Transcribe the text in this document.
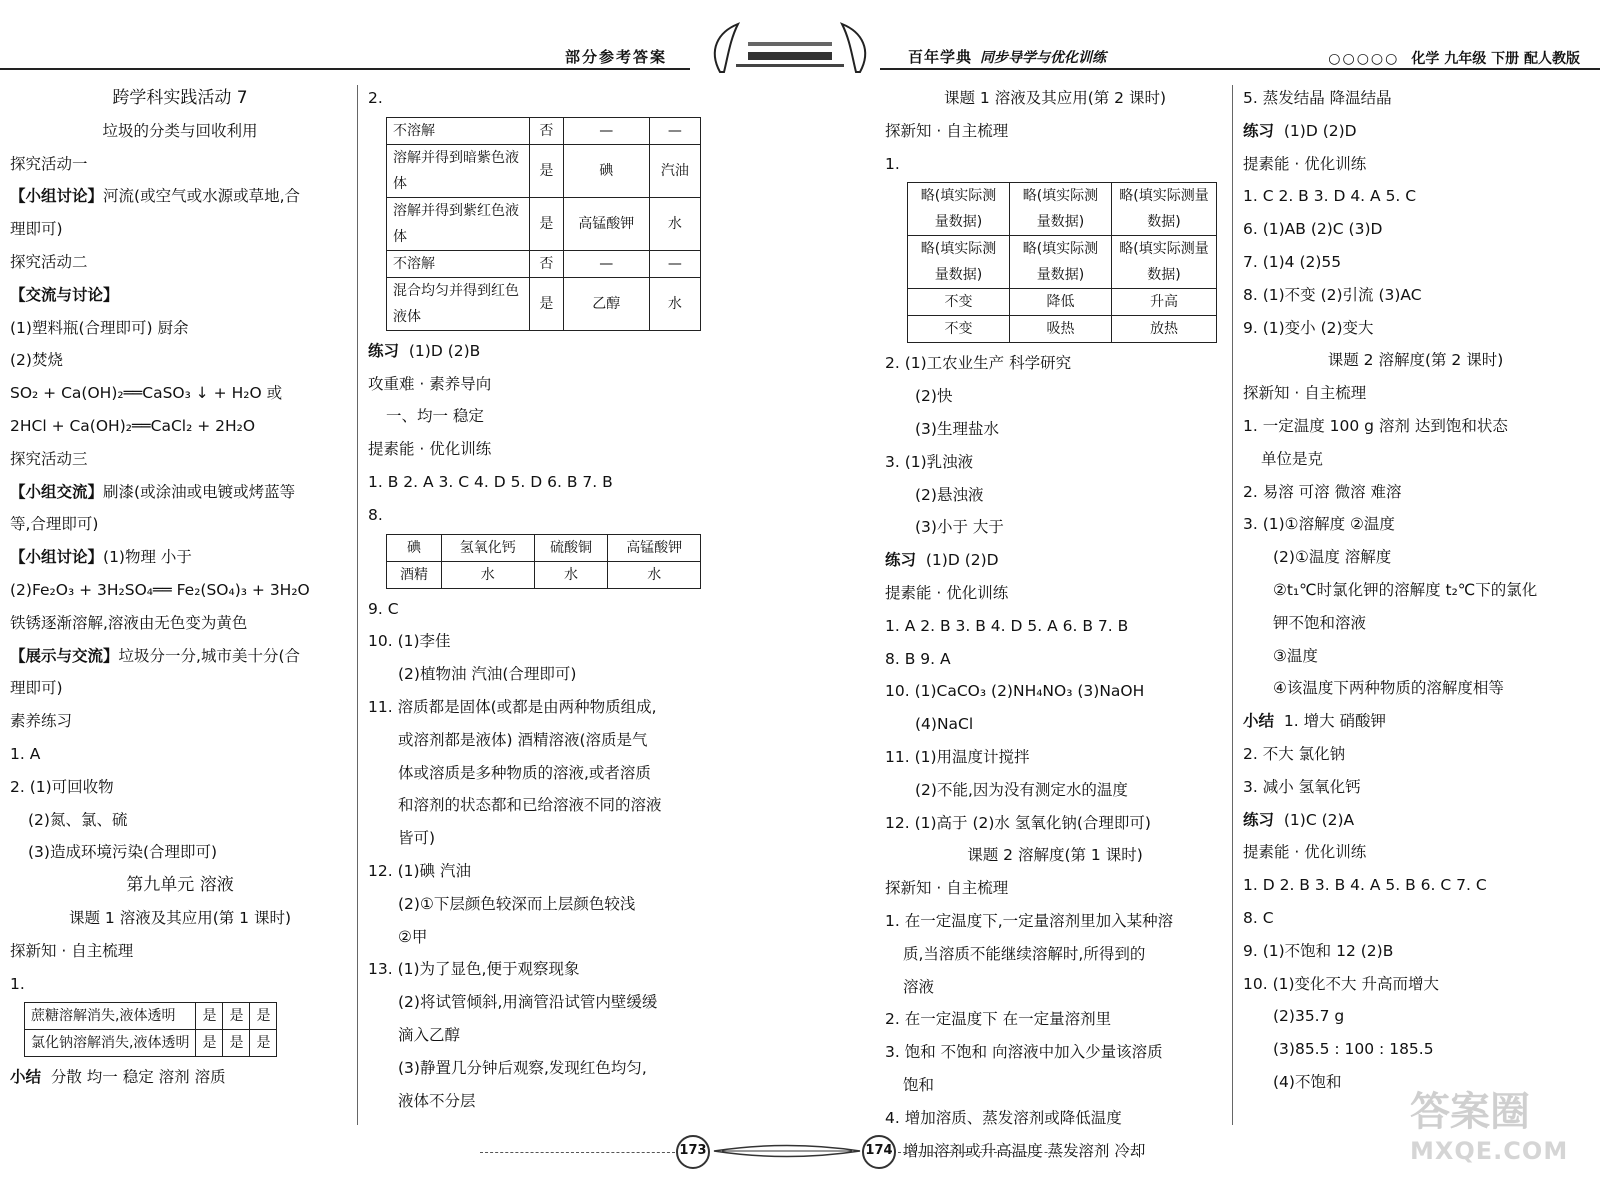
部分参考答案	百年学典 同步导学与优化训练	○○○○○ 化学 九年级 下册 配人教版
跨学科实践活动 7
垃圾的分类与回收利用
探究活动一
【小组讨论】河流(或空气或水源或草地,合
理即可)
探究活动二
【交流与讨论】
(1)塑料瓶(合理即可) 厨余
(2)焚烧
SO₂ + Ca(OH)₂══CaSO₃ ↓ + H₂O 或
2HCl + Ca(OH)₂══CaCl₂ + 2H₂O
探究活动三
【小组交流】刷漆(或涂油或电镀或烤蓝等
等,合理即可)
【小组讨论】(1)物理 小于
(2)Fe₂O₃ + 3H₂SO₄══ Fe₂(SO₄)₃ + 3H₂O
铁锈逐渐溶解,溶液由无色变为黄色
【展示与交流】垃圾分一分,城市美十分(合
理即可)
素养练习
1. A
2. (1)可回收物
(2)氮、氯、硫
(3)造成环境污染(合理即可)
第九单元 溶液
课题 1 溶液及其应用(第 1 课时)
探新知 · 自主梳理
1.
蔗糖溶解消失,液体透明	是	是	是
氯化钠溶解消失,液体透明	是	是	是
小结 分散 均一 稳定 溶剂 溶质
2.
不溶解	否	—	—
溶解并得到暗紫色液体	是	碘	汽油
溶解并得到紫红色液体	是	高锰酸钾	水
不溶解	否	—	—
混合均匀并得到红色液体	是	乙醇	水
练习 (1)D (2)B
攻重难 · 素养导向
一、均一 稳定
提素能 · 优化训练
1. B 2. A 3. C 4. D 5. D 6. B 7. B
8.
碘	氢氧化钙	硫酸铜	高锰酸钾
酒精	水	水	水
9. C
10. (1)李佳
(2)植物油 汽油(合理即可)
11. 溶质都是固体(或都是由两种物质组成,
或溶剂都是液体) 酒精溶液(溶质是气
体或溶质是多种物质的溶液,或者溶质
和溶剂的状态都和已给溶液不同的溶液
皆可)
12. (1)碘 汽油
(2)①下层颜色较深而上层颜色较浅
②甲
13. (1)为了显色,便于观察现象
(2)将试管倾斜,用滴管沿试管内壁缓缓
滴入乙醇
(3)静置几分钟后观察,发现红色均匀,
液体不分层
课题 1 溶液及其应用(第 2 课时)
探新知 · 自主梳理
1.
略(填实际测量数据)	略(填实际测量数据)	略(填实际测量数据)
略(填实际测量数据)	略(填实际测量数据)	略(填实际测量数据)
不变	降低	升高
不变	吸热	放热
2. (1)工农业生产 科学研究
(2)快
(3)生理盐水
3. (1)乳浊液
(2)悬浊液
(3)小于 大于
练习 (1)D (2)D
提素能 · 优化训练
1. A 2. B 3. B 4. D 5. A 6. B 7. B
8. B 9. A
10. (1)CaCO₃ (2)NH₄NO₃ (3)NaOH
(4)NaCl
11. (1)用温度计搅拌
(2)不能,因为没有测定水的温度
12. (1)高于 (2)水 氢氧化钠(合理即可)
课题 2 溶解度(第 1 课时)
探新知 · 自主梳理
1. 在一定温度下,一定量溶剂里加入某种溶
质,当溶质不能继续溶解时,所得到的
溶液
2. 在一定温度下 在一定量溶剂里
3. 饱和 不饱和 向溶液中加入少量该溶质
饱和
4. 增加溶质、蒸发溶剂或降低温度
增加溶剂或升高温度 蒸发溶剂 冷却
5. 蒸发结晶 降温结晶
练习 (1)D (2)D
提素能 · 优化训练
1. C 2. B 3. D 4. A 5. C
6. (1)AB (2)C (3)D
7. (1)4 (2)55
8. (1)不变 (2)引流 (3)AC
9. (1)变小 (2)变大
课题 2 溶解度(第 2 课时)
探新知 · 自主梳理
1. 一定温度 100 g 溶剂 达到饱和状态
单位是克
2. 易溶 可溶 微溶 难溶
3. (1)①溶解度 ②温度
(2)①温度 溶解度
②t₁℃时氯化钾的溶解度 t₂℃下的氯化
钾不饱和溶液
③温度
④该温度下两种物质的溶解度相等
小结 1. 增大 硝酸钾
2. 不大 氯化钠
3. 减小 氢氧化钙
练习 (1)C (2)A
提素能 · 优化训练
1. D 2. B 3. B 4. A 5. B 6. C 7. C
8. C
9. (1)不饱和 12 (2)B
10. (1)变化不大 升高而增大
(2)35.7 g
(3)85.5 : 100 : 185.5
(4)不饱和
173	174
答案圈
MXQE.COM
